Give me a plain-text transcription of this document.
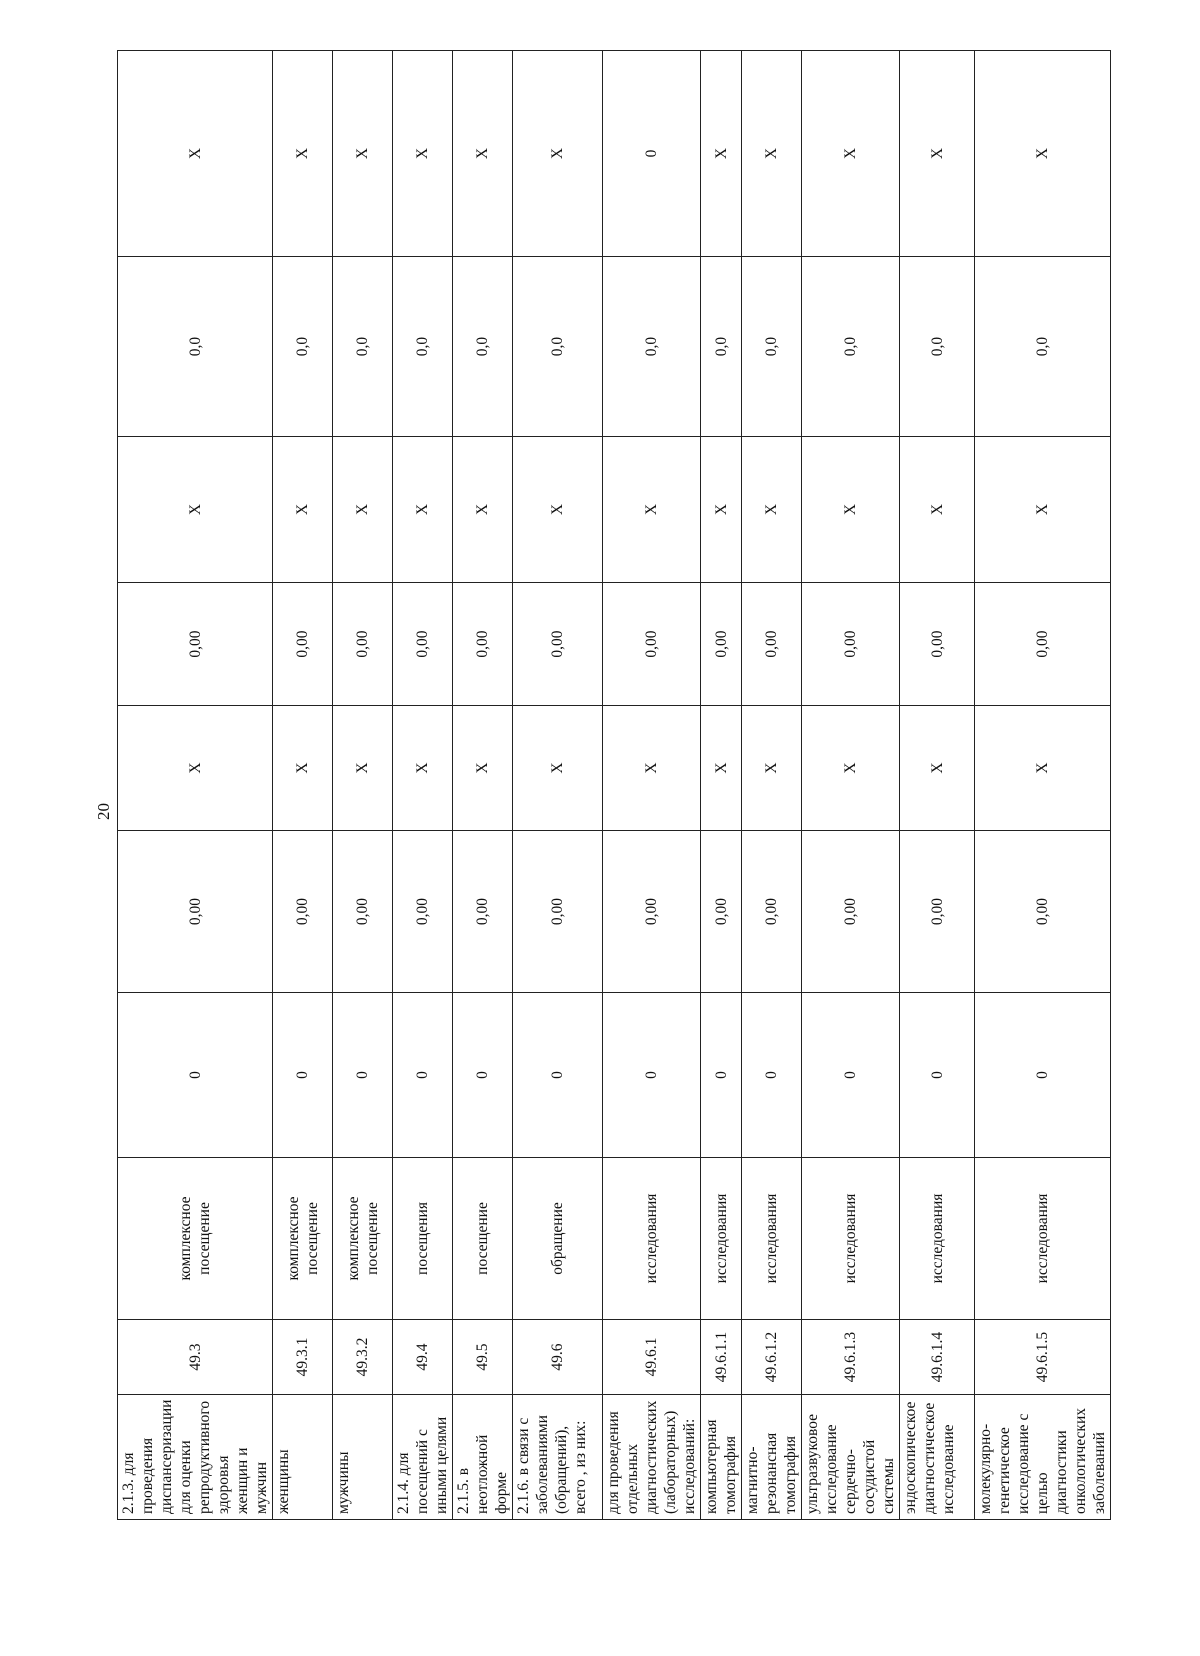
20
2.1.3. для проведения диспансеризации для оценки репродуктивного здоровья женщин и мужчин	49.3	комплексное посещение	0	0,00	X	0,00	X	0,0	X
женщины	49.3.1	комплексное посещение	0	0,00	X	0,00	X	0,0	X
мужчины	49.3.2	комплексное посещение	0	0,00	X	0,00	X	0,0	X
2.1.4. для посещений с иными целями	49.4	посещения	0	0,00	X	0,00	X	0,0	X
2.1.5. в неотложной форме	49.5	посещение	0	0,00	X	0,00	X	0,0	X
2.1.6. в связи с заболеваниями (обращений), всего , из них:	49.6	обращение	0	0,00	X	0,00	X	0,0	X
для проведения отдельных диагностических (лабораторных) исследований:	49.6.1	исследования	0	0,00	X	0,00	X	0,0	0
компьютерная томография	49.6.1.1	исследования	0	0,00	X	0,00	X	0,0	X
магнитно-резонансная томография	49.6.1.2	исследования	0	0,00	X	0,00	X	0,0	X
ультразвуковое исследование сердечно-сосудистой системы	49.6.1.3	исследования	0	0,00	X	0,00	X	0,0	X
эндоскопическое диагностическое исследование	49.6.1.4	исследования	0	0,00	X	0,00	X	0,0	X
молекулярно-генетическое исследование с целью диагностики онкологических заболеваний	49.6.1.5	исследования	0	0,00	X	0,00	X	0,0	X
